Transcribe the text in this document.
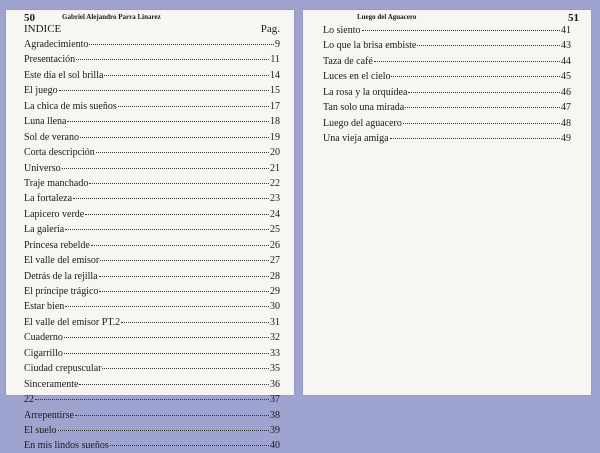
50	Gabriel Alejandro Parra Linarez
INDICE	Pag.
Agradecimiento	9
Presentación	11
Este día el sol brilla	14
El juego	15
La chica de mis sueños	17
Luna llena	18
Sol de verano	19
Corta descripción	20
Universo	21
Traje manchado	22
La fortaleza	23
Lapicero verde	24
La galería	25
Princesa rebelde	26
El valle del emisor	27
Detrás de la rejilla	28
El príncipe trágico	29
Estar bien	30
El valle del emisor PT.2	31
Cuaderno	32
Cigarrillo	33
Ciudad crepuscular	35
Sinceramente	36
22	37
Arrepentirse	38
El suelo	39
En mis lindos sueños	40
Luego del Aguacero	51
Lo siento	41
Lo que la brisa embiste	43
Taza de café	44
Luces en el cielo	45
La rosa y la orquídea	46
Tan solo una mirada	47
Luego del aguacero	48
Una vieja amiga	49
